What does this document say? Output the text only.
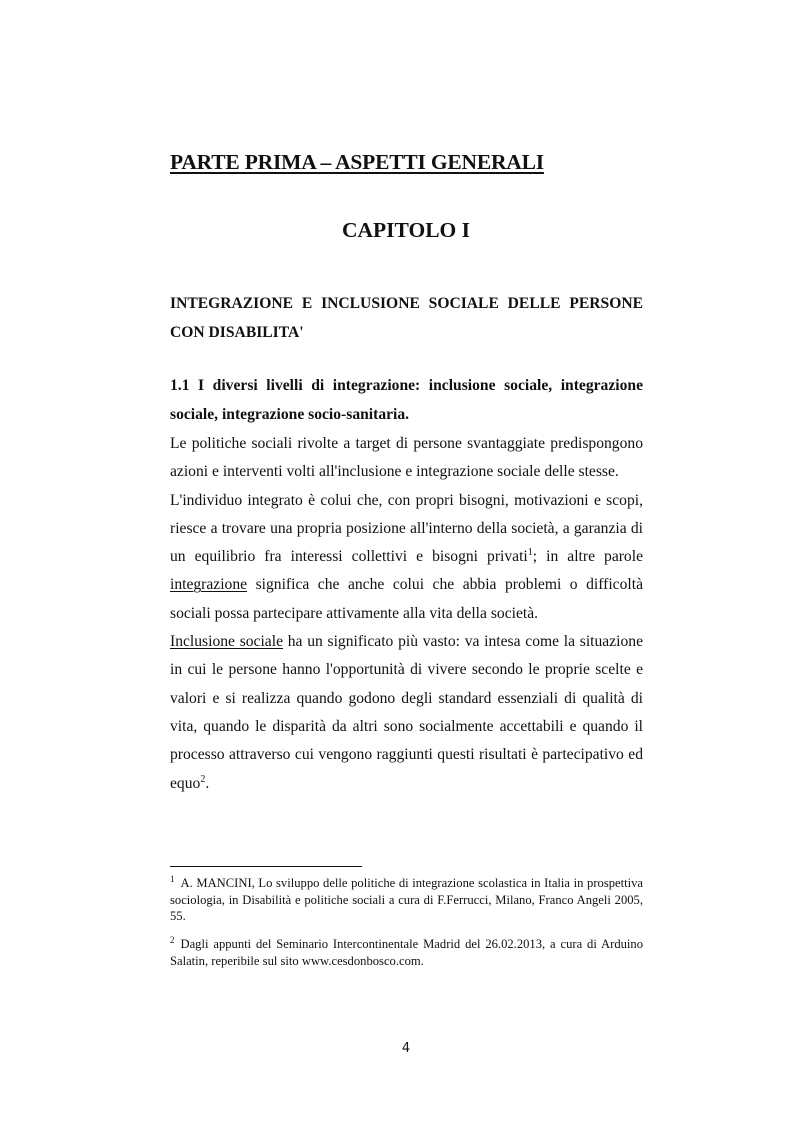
PARTE PRIMA – ASPETTI GENERALI
CAPITOLO I
INTEGRAZIONE E INCLUSIONE SOCIALE DELLE PERSONE CON DISABILITA'
1.1 I diversi livelli di integrazione: inclusione sociale, integrazione sociale, integrazione socio-sanitaria.

Le politiche sociali rivolte a target di persone svantaggiate predispongono azioni e interventi volti all'inclusione e integrazione sociale delle stesse.

L'individuo integrato è colui che, con propri bisogni, motivazioni e scopi, riesce a trovare una propria posizione all'interno della società, a garanzia di un equilibrio fra interessi collettivi e bisogni privati$^1$; in altre parole integrazione significa che anche colui che abbia problemi o difficoltà sociali possa partecipare attivamente alla vita della società.

Inclusione sociale ha un significato più vasto: va intesa come la situazione in cui le persone hanno l'opportunità di vivere secondo le proprie scelte e valori e si realizza quando godono degli standard essenziali di qualità di vita, quando le disparità da altri sono socialmente accettabili e quando il processo attraverso cui vengono raggiunti questi risultati è partecipativo ed equo$^2$.

$^1$ A. MANCINI, Lo sviluppo delle politiche di integrazione scolastica in Italia in prospettiva sociologia, in Disabilità e politiche sociali a cura di F.Ferrucci, Milano, Franco Angeli 2005, 55.

$^2$ Dagli appunti del Seminario Intercontinentale Madrid del 26.02.2013, a cura di Arduino Salatin, reperibile sul sito www.cesdonbosco.com.

4
